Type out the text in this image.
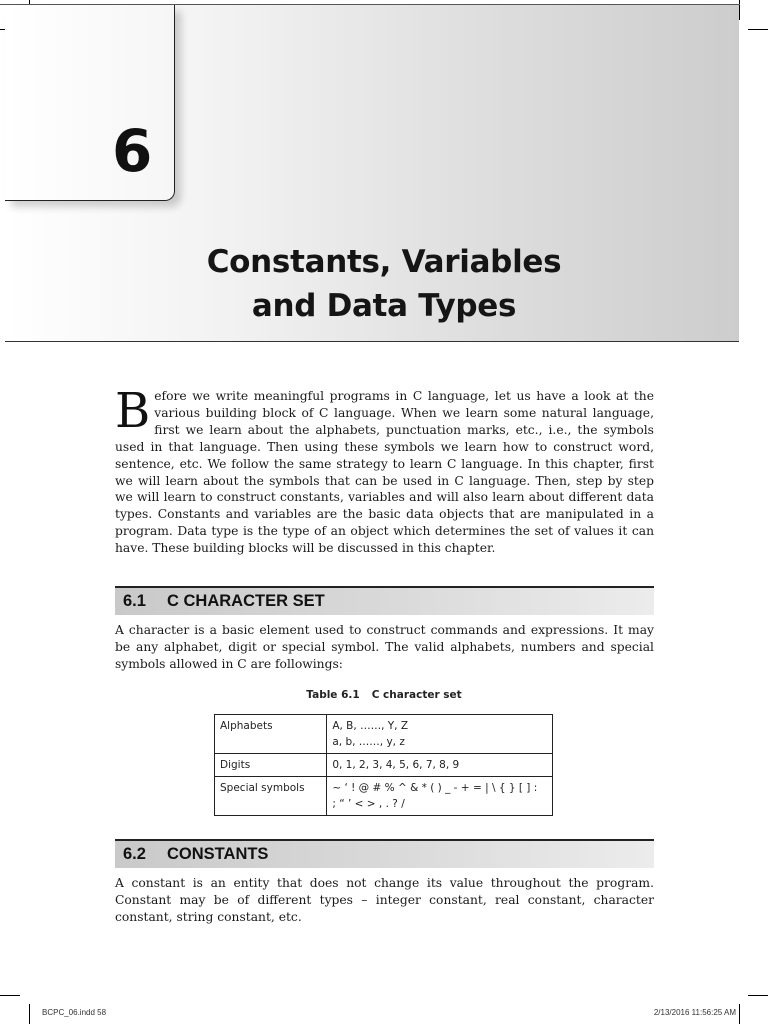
6
Constants, Variables
and Data Types
Before we write meaningful programs in C language, let us have a look at the various building block of C language. When we learn some natural language, first we learn about the alphabets, punctuation marks, etc., i.e., the symbols used in that language. Then using these symbols we learn how to construct word, sentence, etc. We follow the same strategy to learn C language. In this chapter, first we will learn about the symbols that can be used in C language. Then, step by step we will learn to construct constants, variables and will also learn about different data types. Constants and variables are the basic data objects that are manipulated in a program. Data type is the type of an object which determines the set of values it can have. These building blocks will be discussed in this chapter.
6.1 C CHARACTER SET
A character is a basic element used to construct commands and expressions. It may be any alphabet, digit or special symbol. The valid alphabets, numbers and special symbols allowed in C are followings:
Table 6.1 C character set
Alphabets	A, B, ……, Y, Z
a, b, ……, y, z

Digits	0, 1, 2, 3, 4, 5, 6, 7, 8, 9

Special symbols	~ ‘ ! @ # % ^ & * ( ) _ - + = | \ { } [ ] :
; “ ’ < > , . ? /
6.2 CONSTANTS
A constant is an entity that does not change its value throughout the program. Constant may be of different types – integer constant, real constant, character constant, string constant, etc.
BCPC_06.indd 58	2/13/2016 11:56:25 AM
